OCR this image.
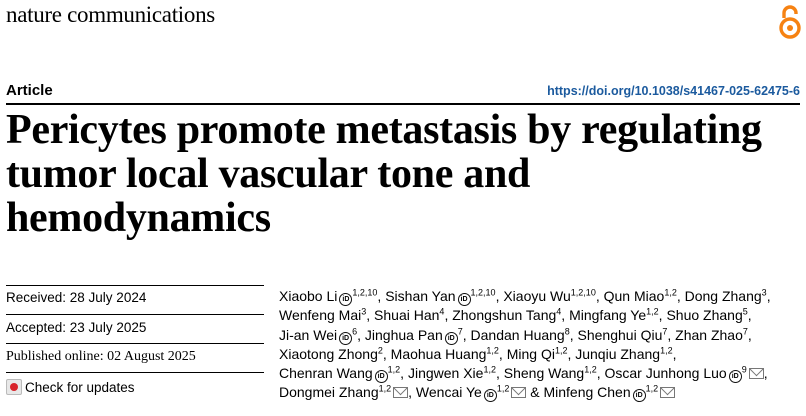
nature communications
Article	https://doi.org/10.1038/s41467-025-62475-6
Pericytes promote metastasis by regulating
tumor local vascular tone and
hemodynamics
Received: 28 July 2024
Accepted: 23 July 2025
Published online: 02 August 2025
Check for updates
Xiaobo Li iD$^{1,2,10}$, Sishan Yan iD$^{1,2,10}$, Xiaoyu Wu$^{1,2,10}$, Qun Miao$^{1,2}$, Dong Zhang$^3$, Wenfeng Mai$^3$, Shuai Han$^4$, Zhongshun Tang$^4$, Mingfang Ye$^{1,2}$, Shuo Zhang$^5$, Ji-an Wei $iD^6$, Jinghua Pan $iD^7$, Dandan Huang$^8$, Shenghui Qiu$^7$, Zhan Zhao$^7$, Xiaotong Zhong$^2$, Maohua Huang$^{1,2}$, Ming Qi$^{1,2}$, Junqiu Zhang$^{1,2}$, Chenran Wang iD$^{1,2}$, Jingwen Xie$^{1,2}$, Sheng Wang$^{1,2}$, Oscar Junhong Luo $iD^9$ , Dongmei Zhang$^{1,2}$ , Wencai Ye iD$^{1,2}$ & Minfeng Chen iD$^{1,2}$
